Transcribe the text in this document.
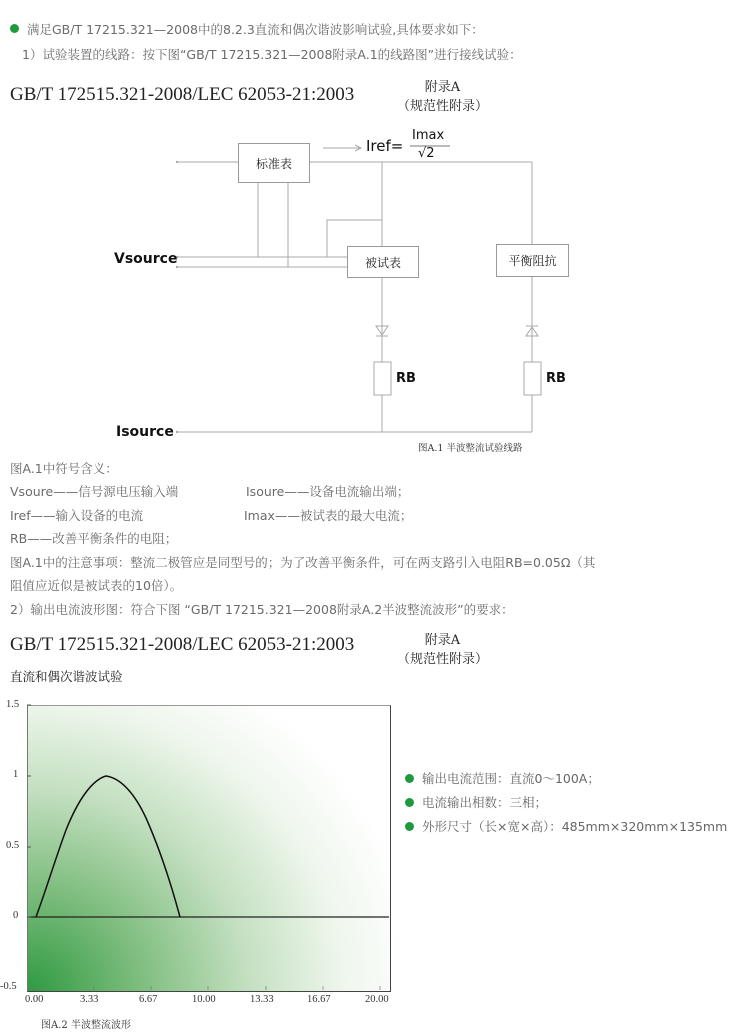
满足GB/T 17215.321—2008中的8.2.3直流和偶次谐波影响试验,具体要求如下：
1）试验装置的线路：按下图“GB/T 17215.321—2008附录A.1的线路图”进行接线试验：
GB/T 172515.321-2008/LEC 62053-21:2003	附录A
（规范性附录）
标准表
被试表	平衡阻抗
Iref=
Imax
√2
Vsource
Isource
RB	RB
图A.1 半波整流试验线路
图A.1中符号含义：
Vsoure——信号源电压输入端	Isoure——设备电流输出端；
Iref——输入设备的电流	Imax——被试表的最大电流；
RB——改善平衡条件的电阻；
图A.1中的注意事项：整流二极管应是同型号的；为了改善平衡条件，可在两支路引入电阻RB=0.05Ω（其
阻值应近似是被试表的10倍）。
2）输出电流波形图：符合下图 “GB/T 17215.321—2008附录A.2半波整流波形”的要求：
GB/T 172515.321-2008/LEC 62053-21:2003	附录A
（规范性附录）
直流和偶次谐波试验
1.5
1
0.5
0
-0.5
0.00	3.33	6.67	10.00	13.33	16.67	20.00
图A.2 半波整流波形
输出电流范围：直流0～100A；
电流输出相数：三相；
外形尺寸（长×宽×高）：485mm×320mm×135mm
